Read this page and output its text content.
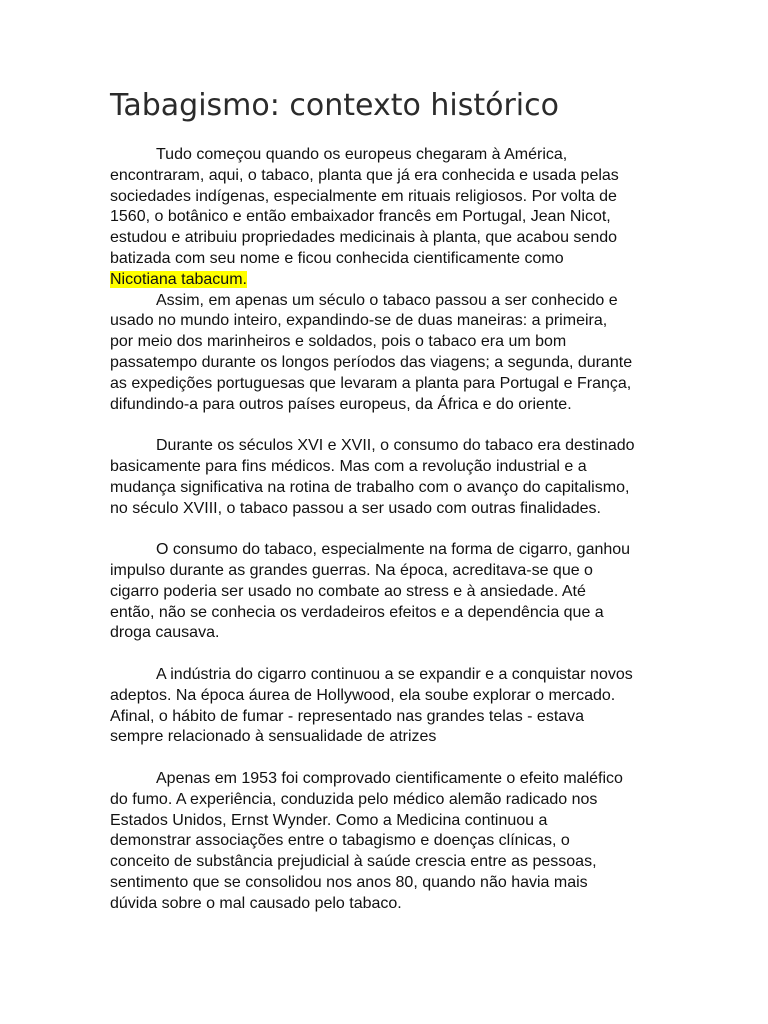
Tabagismo: contexto histórico

Tudo começou quando os europeus chegaram à América,
encontraram, aqui, o tabaco, planta que já era conhecida e usada pelas
sociedades indígenas, especialmente em rituais religiosos. Por volta de
1560, o botânico e então embaixador francês em Portugal, Jean Nicot,
estudou e atribuiu propriedades medicinais à planta, que acabou sendo
batizada com seu nome e ficou conhecida cientificamente como
Nicotiana tabacum.

Assim, em apenas um século o tabaco passou a ser conhecido e
usado no mundo inteiro, expandindo-se de duas maneiras: a primeira,
por meio dos marinheiros e soldados, pois o tabaco era um bom
passatempo durante os longos períodos das viagens; a segunda, durante
as expedições portuguesas que levaram a planta para Portugal e França,
difundindo-a para outros países europeus, da África e do oriente.

Durante os séculos XVI e XVII, o consumo do tabaco era destinado
basicamente para fins médicos. Mas com a revolução industrial e a
mudança significativa na rotina de trabalho com o avanço do capitalismo,
no século XVIII, o tabaco passou a ser usado com outras finalidades.

O consumo do tabaco, especialmente na forma de cigarro, ganhou
impulso durante as grandes guerras. Na época, acreditava-se que o
cigarro poderia ser usado no combate ao stress e à ansiedade. Até
então, não se conhecia os verdadeiros efeitos e a dependência que a
droga causava.

A indústria do cigarro continuou a se expandir e a conquistar novos
adeptos. Na época áurea de Hollywood, ela soube explorar o mercado.
Afinal, o hábito de fumar - representado nas grandes telas - estava
sempre relacionado à sensualidade de atrizes

Apenas em 1953 foi comprovado cientificamente o efeito maléfico
do fumo. A experiência, conduzida pelo médico alemão radicado nos
Estados Unidos, Ernst Wynder. Como a Medicina continuou a
demonstrar associações entre o tabagismo e doenças clínicas, o
conceito de substância prejudicial à saúde crescia entre as pessoas,
sentimento que se consolidou nos anos 80, quando não havia mais
dúvida sobre o mal causado pelo tabaco.
